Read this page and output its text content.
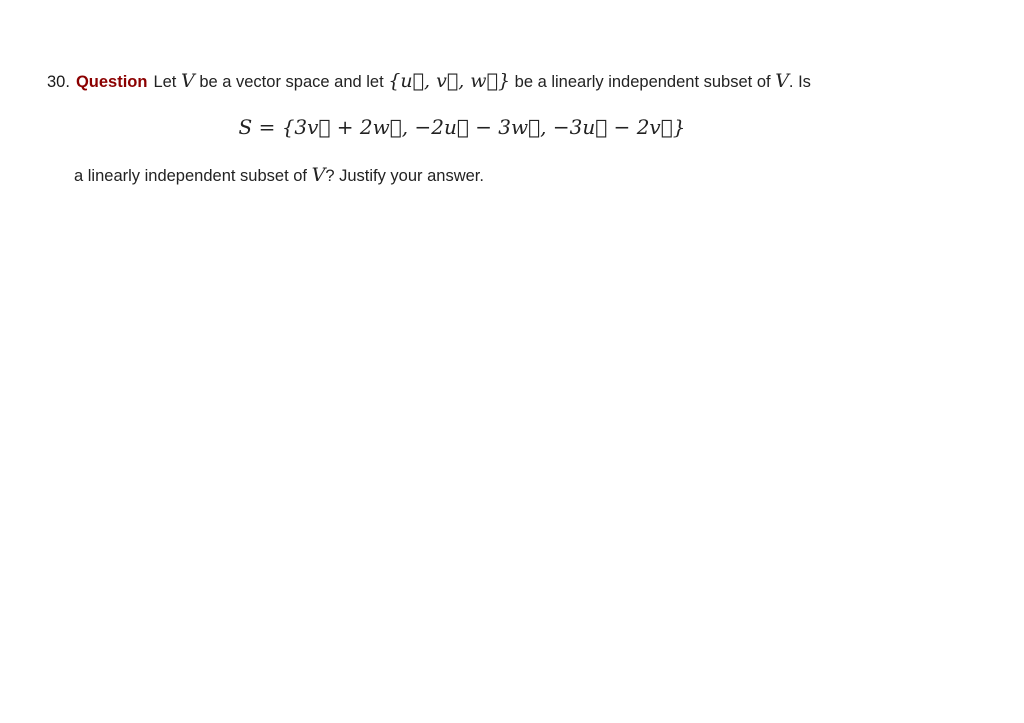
30. Question Let V be a vector space and let {u⃗, v⃗, w⃗} be a linearly independent subset of V. Is
S = {3v⃗ + 2w⃗, −2u⃗ − 3w⃗, −3u⃗ − 2v⃗}
a linearly independent subset of V? Justify your answer.
